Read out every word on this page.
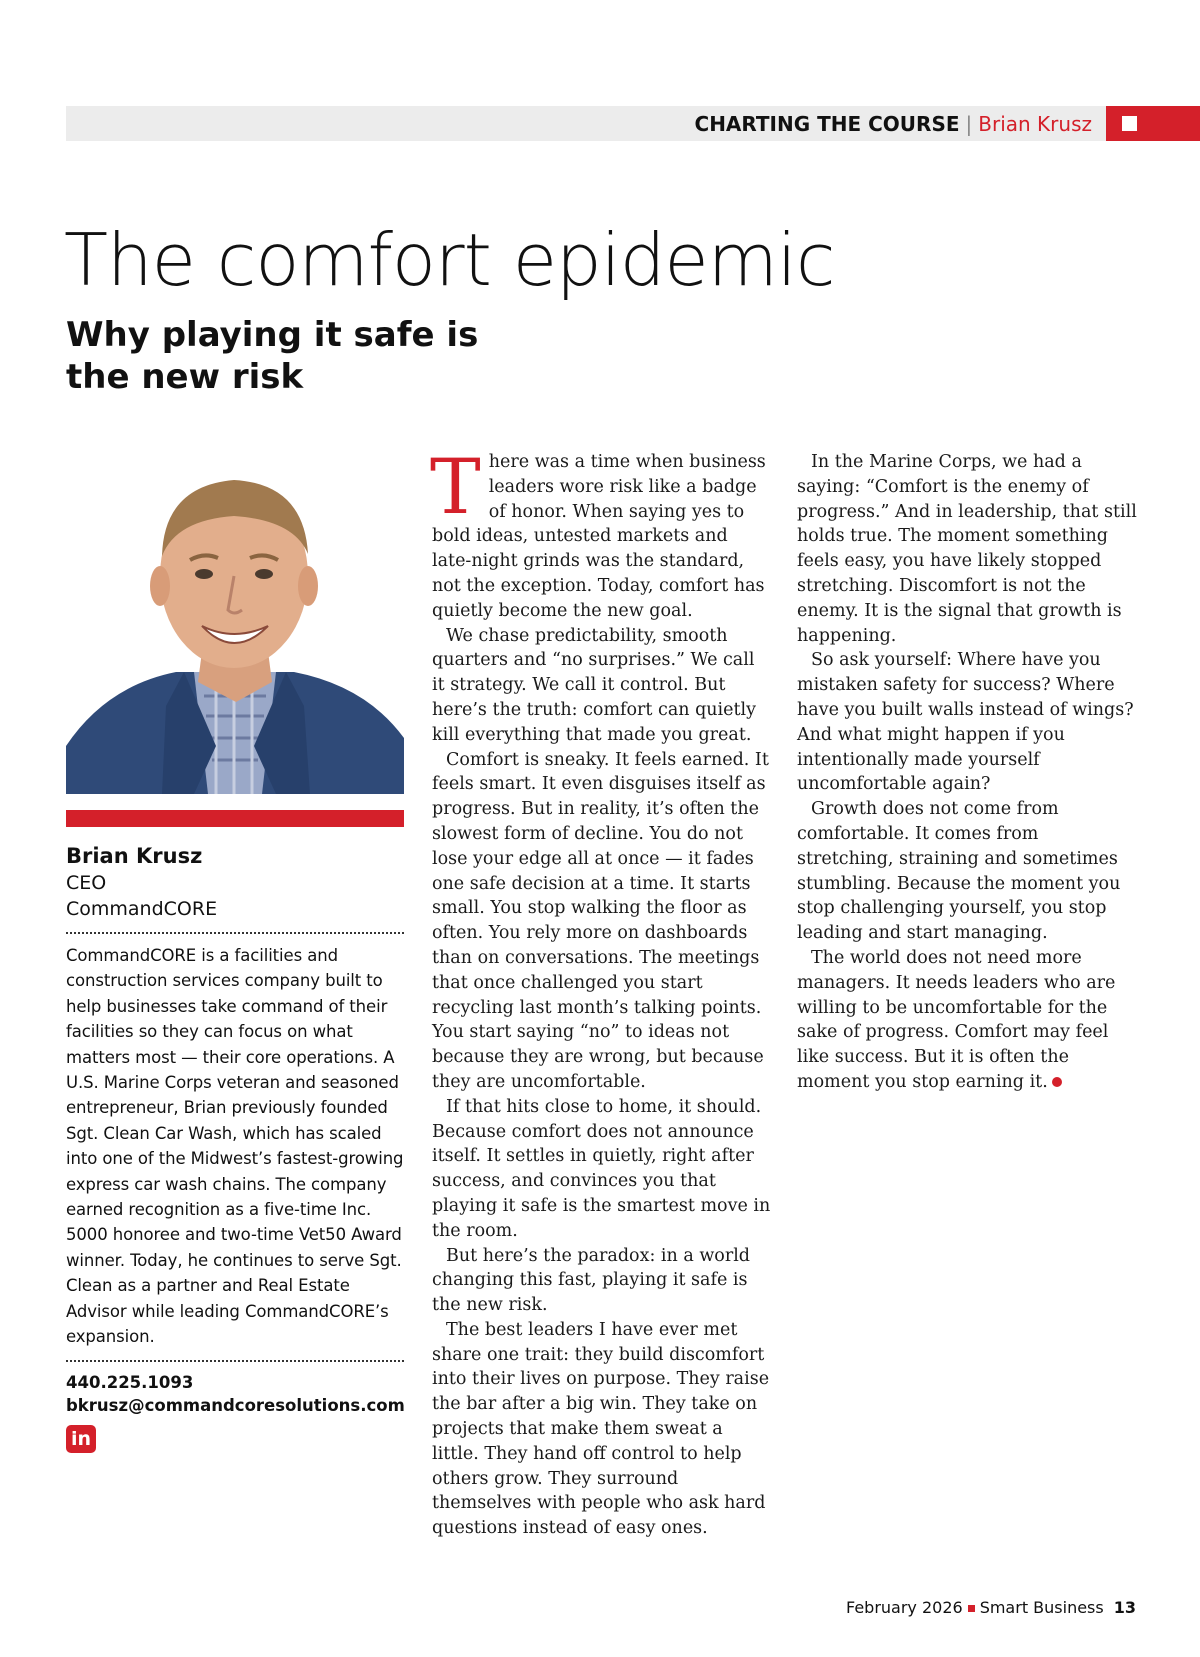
CHARTING THE COURSE | Brian Krusz
The comfort epidemic
Why playing it safe is the new risk
Brian Krusz
CEO
CommandCORE
CommandCORE is a facilities and construction services company built to help businesses take command of their facilities so they can focus on what matters most — their core operations. A U.S. Marine Corps veteran and seasoned entrepreneur, Brian previously founded Sgt. Clean Car Wash, which has scaled into one of the Midwest’s fastest-growing express car wash chains. The company earned recognition as a five-time Inc. 5000 honoree and two-time Vet50 Award winner. Today, he continues to serve Sgt. Clean as a partner and Real Estate Advisor while leading CommandCORE’s expansion.
440.225.1093
bkrusz@commandcoresolutions.com
in

There was a time when business leaders wore risk like a badge of honor. When saying yes to bold ideas, untested markets and late-night grinds was the standard, not the exception. Today, comfort has quietly become the new goal.

We chase predictability, smooth quarters and “no surprises.” We call it strategy. We call it control. But here’s the truth: comfort can quietly kill everything that made you great.

Comfort is sneaky. It feels earned. It feels smart. It even disguises itself as progress. But in reality, it’s often the slowest form of decline. You do not lose your edge all at once — it fades one safe decision at a time. It starts small. You stop walking the floor as often. You rely more on dashboards than on conversations. The meetings that once challenged you start recycling last month’s talking points. You start saying “no” to ideas not because they are wrong, but because they are uncomfortable.

If that hits close to home, it should. Because comfort does not announce itself. It settles in quietly, right after success, and convinces you that playing it safe is the smartest move in the room.

But here’s the paradox: in a world changing this fast, playing it safe is the new risk.

The best leaders I have ever met share one trait: they build discomfort into their lives on purpose. They raise the bar after a big win. They take on projects that make them sweat a little. They hand off control to help others grow. They surround themselves with people who ask hard questions instead of easy ones.

In the Marine Corps, we had a saying: “Comfort is the enemy of progress.” And in leadership, that still holds true. The moment something feels easy, you have likely stopped stretching. Discomfort is not the enemy. It is the signal that growth is happening.

So ask yourself: Where have you mistaken safety for success? Where have you built walls instead of wings? And what might happen if you intentionally made yourself uncomfortable again?

Growth does not come from comfortable. It comes from stretching, straining and sometimes stumbling. Because the moment you stop challenging yourself, you stop leading and start managing.

The world does not need more managers. It needs leaders who are willing to be uncomfortable for the sake of progress. Comfort may feel like success. But it is often the moment you stop earning it.

February 2026 Smart Business 13
